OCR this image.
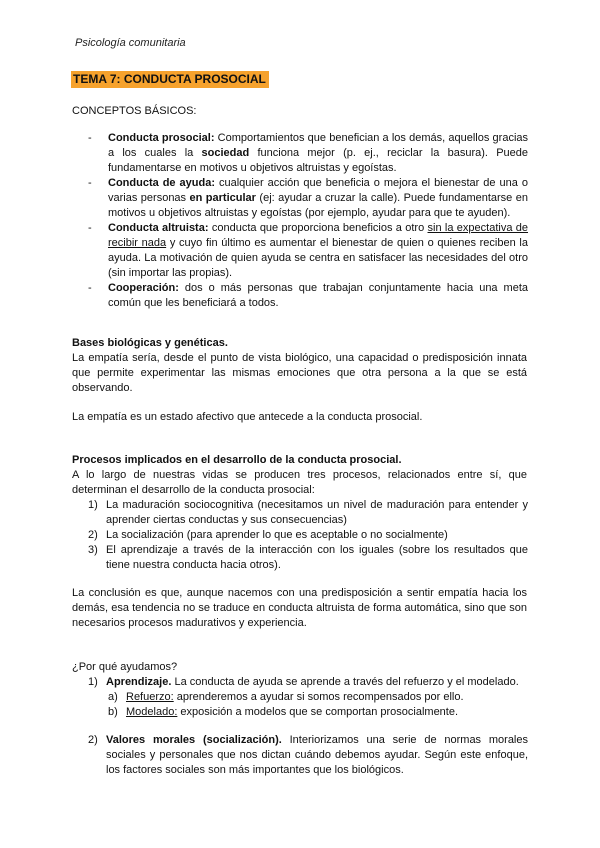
Psicología comunitaria
TEMA 7: CONDUCTA PROSOCIAL
CONCEPTOS BÁSICOS:
- Conducta prosocial: Comportamientos que benefician a los demás, aquellos gracias a los cuales la sociedad funciona mejor (p. ej., reciclar la basura). Puede fundamentarse en motivos u objetivos altruistas y egoístas.
- Conducta de ayuda: cualquier acción que beneficia o mejora el bienestar de una o varias personas en particular (ej: ayudar a cruzar la calle). Puede fundamentarse en motivos u objetivos altruistas y egoístas (por ejemplo, ayudar para que te ayuden).
- Conducta altruista: conducta que proporciona beneficios a otro sin la expectativa de recibir nada y cuyo fin último es aumentar el bienestar de quien o quienes reciben la ayuda. La motivación de quien ayuda se centra en satisfacer las necesidades del otro (sin importar las propias).
- Cooperación: dos o más personas que trabajan conjuntamente hacia una meta común que les beneficiará a todos.
Bases biológicas y genéticas.
La empatía sería, desde el punto de vista biológico, una capacidad o predisposición innata que permite experimentar las mismas emociones que otra persona a la que se está observando.
La empatía es un estado afectivo que antecede a la conducta prosocial.
Procesos implicados en el desarrollo de la conducta prosocial.
A lo largo de nuestras vidas se producen tres procesos, relacionados entre sí, que determinan el desarrollo de la conducta prosocial:
1) La maduración sociocognitiva (necesitamos un nivel de maduración para entender y aprender ciertas conductas y sus consecuencias)
2) La socialización (para aprender lo que es aceptable o no socialmente)
3) El aprendizaje a través de la interacción con los iguales (sobre los resultados que tiene nuestra conducta hacia otros).
La conclusión es que, aunque nacemos con una predisposición a sentir empatía hacia los demás, esa tendencia no se traduce en conducta altruista de forma automática, sino que son necesarios procesos madurativos y experiencia.
¿Por qué ayudamos?
1) Aprendizaje. La conducta de ayuda se aprende a través del refuerzo y el modelado.
a) Refuerzo: aprenderemos a ayudar si somos recompensados por ello.
b) Modelado: exposición a modelos que se comportan prosocialmente.
2) Valores morales (socialización). Interiorizamos una serie de normas morales sociales y personales que nos dictan cuándo debemos ayudar. Según este enfoque, los factores sociales son más importantes que los biológicos.
